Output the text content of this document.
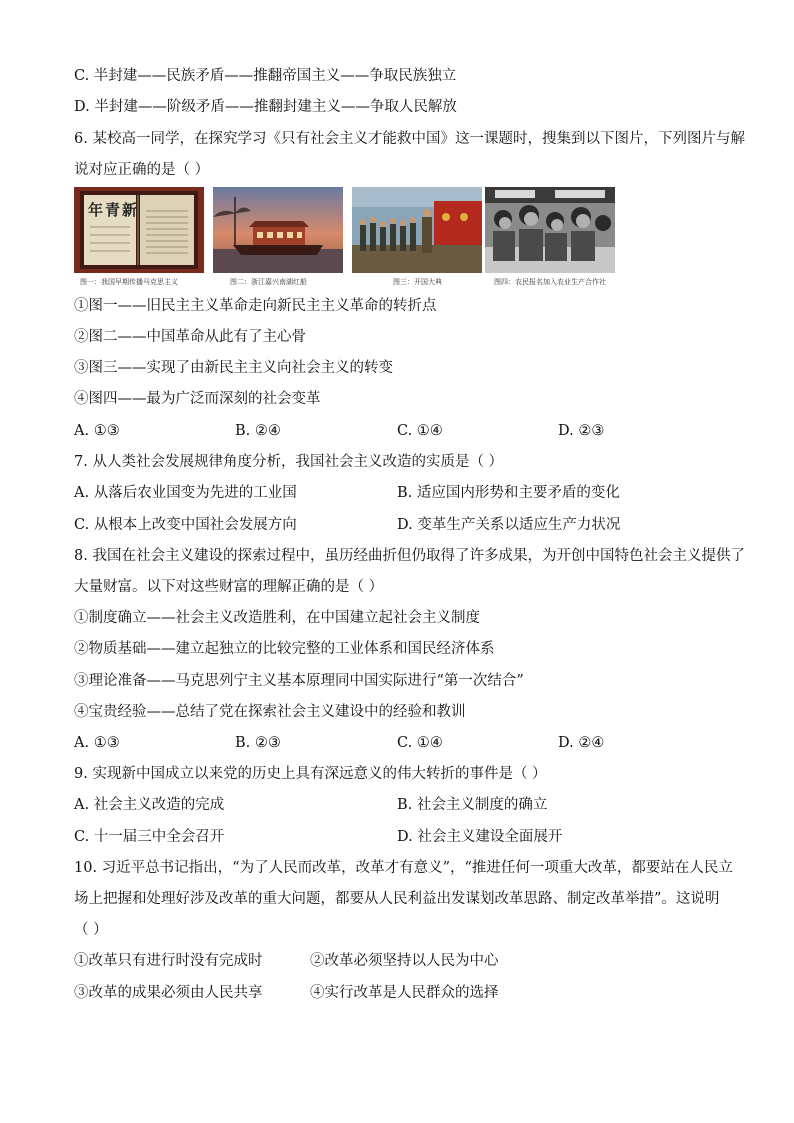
C. 半封建——民族矛盾——推翻帝国主义——争取民族独立
D. 半封建——阶级矛盾——推翻封建主义——争取人民解放
6. 某校高一同学，在探究学习《只有社会主义才能救中国》这一课题时，搜集到以下图片，下列图片与解
说对应正确的是（ ）
年青新
图一：我国早期传播马克思主义	图二：浙江嘉兴南湖红船	图三：开国大典	图四：农民报名加入农业生产合作社
①图一——旧民主主义革命走向新民主主义革命的转折点
②图二——中国革命从此有了主心骨
③图三——实现了由新民主主义向社会主义的转变
④图四——最为广泛而深刻的社会变革
A. ①③	B. ②④	C. ①④	D. ②③
7. 从人类社会发展规律角度分析，我国社会主义改造的实质是（ ）
A. 从落后农业国变为先进的工业国	B. 适应国内形势和主要矛盾的变化
C. 从根本上改变中国社会发展方向	D. 变革生产关系以适应生产力状况
8. 我国在社会主义建设的探索过程中，虽历经曲折但仍取得了许多成果，为开创中国特色社会主义提供了
大量财富。以下对这些财富的理解正确的是（ ）
①制度确立——社会主义改造胜利，在中国建立起社会主义制度
②物质基础——建立起独立的比较完整的工业体系和国民经济体系
③理论准备——马克思列宁主义基本原理同中国实际进行“第一次结合”
④宝贵经验——总结了党在探索社会主义建设中的经验和教训
A. ①③	B. ②③	C. ①④	D. ②④
9. 实现新中国成立以来党的历史上具有深远意义的伟大转折的事件是（ ）
A. 社会主义改造的完成	B. 社会主义制度的确立
C. 十一届三中全会召开	D. 社会主义建设全面展开
10. 习近平总书记指出，“为了人民而改革，改革才有意义”，“推进任何一项重大改革，都要站在人民立
场上把握和处理好涉及改革的重大问题，都要从人民利益出发谋划改革思路、制定改革举措”。这说明
（ ）
①改革只有进行时没有完成时	②改革必须坚持以人民为中心
③改革的成果必须由人民共享	④实行改革是人民群众的选择
